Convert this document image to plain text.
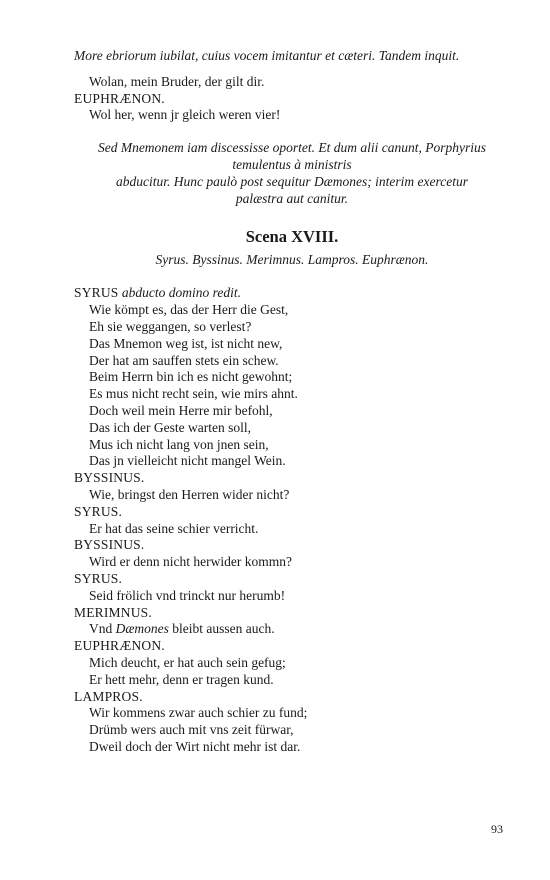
More ebriorum iubilat, cuius vocem imitantur et cæteri. Tandem inquit.
Wolan, mein Bruder, der gilt dir.
EUPHRÆNON.
Wol her, wenn jr gleich weren vier!
Sed Mnemonem iam discessisse oportet. Et dum alii canunt, Porphyrius
temulentus à ministris
abducitur. Hunc paulò post sequitur Dæmones; interim exercetur
palæstra aut canitur.
Scena XVIII.
Syrus. Byssinus. Merimnus. Lampros. Euphrænon.
SYRUS abducto domino redit.
Wie kömpt es, das der Herr die Gest,
Eh sie weggangen, so verlest?
Das Mnemon weg ist, ist nicht new,
Der hat am sauffen stets ein schew.
Beim Herrn bin ich es nicht gewohnt;
Es mus nicht recht sein, wie mirs ahnt.
Doch weil mein Herre mir befohl,
Das ich der Geste warten soll,
Mus ich nicht lang von jnen sein,
Das jn vielleicht nicht mangel Wein.
BYSSINUS.
Wie, bringst den Herren wider nicht?
SYRUS.
Er hat das seine schier verricht.
BYSSINUS.
Wird er denn nicht herwider kommn?
SYRUS.
Seid frölich vnd trinckt nur herumb!
MERIMNUS.
Vnd Dæmones bleibt aussen auch.
EUPHRÆNON.
Mich deucht, er hat auch sein gefug;
Er hett mehr, denn er tragen kund.
LAMPROS.
Wir kommens zwar auch schier zu fund;
Drümb wers auch mit vns zeit fürwar,
Dweil doch der Wirt nicht mehr ist dar.
93
